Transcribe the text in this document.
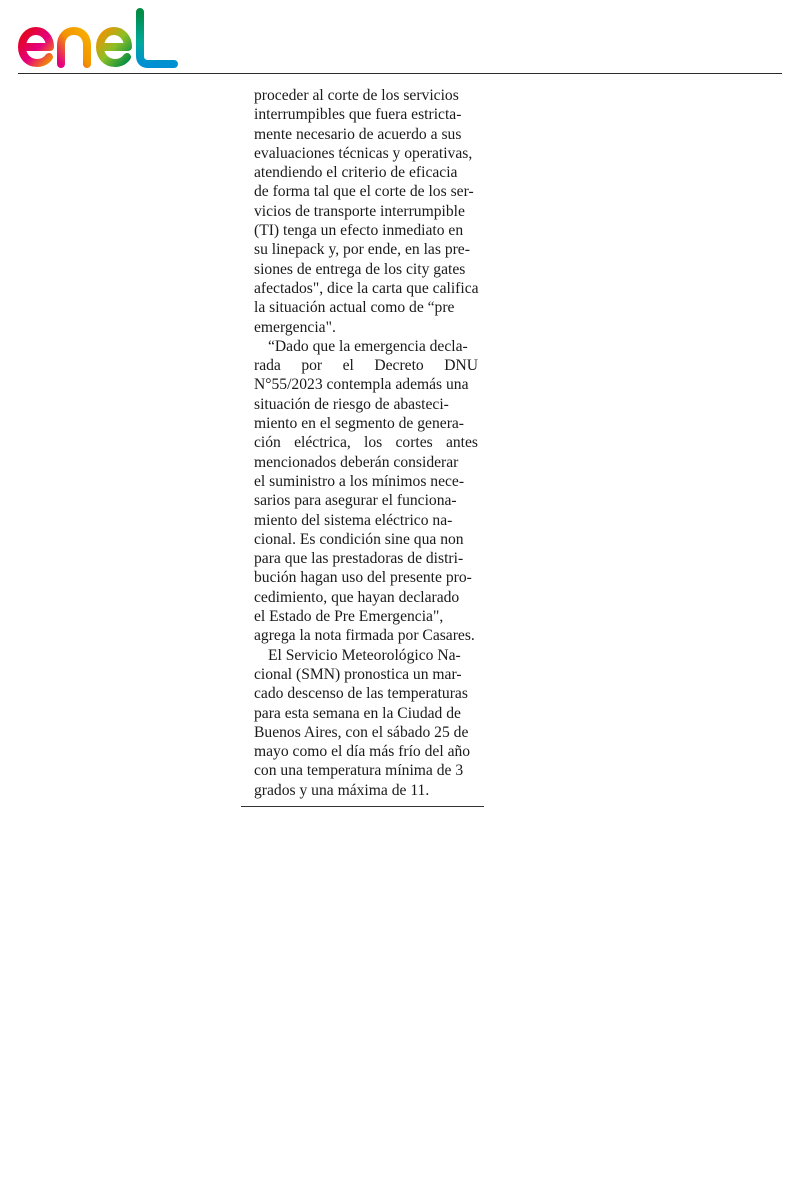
proceder al corte de los servicios
interrumpibles que fuera estricta-
mente necesario de acuerdo a sus
evaluaciones técnicas y operativas,
atendiendo el criterio de eficacia
de forma tal que el corte de los ser-
vicios de transporte interrumpible
(TI) tenga un efecto inmediato en
su linepack y, por ende, en las pre-
siones de entrega de los city gates
afectados", dice la carta que califica
la situación actual como de “pre
emergencia".

“Dado que la emergencia decla-
rada por el Decreto DNU
N°55/2023 contempla además una
situación de riesgo de abasteci-
miento en el segmento de genera-
ción eléctrica, los cortes antes
mencionados deberán considerar
el suministro a los mínimos nece-
sarios para asegurar el funciona-
miento del sistema eléctrico na-
cional. Es condición sine qua non
para que las prestadoras de distri-
bución hagan uso del presente pro-
cedimiento, que hayan declarado
el Estado de Pre Emergencia",
agrega la nota firmada por Casares.

El Servicio Meteorológico Na-
cional (SMN) pronostica un mar-
cado descenso de las temperaturas
para esta semana en la Ciudad de
Buenos Aires, con el sábado 25 de
mayo como el día más frío del año
con una temperatura mínima de 3
grados y una máxima de 11.
